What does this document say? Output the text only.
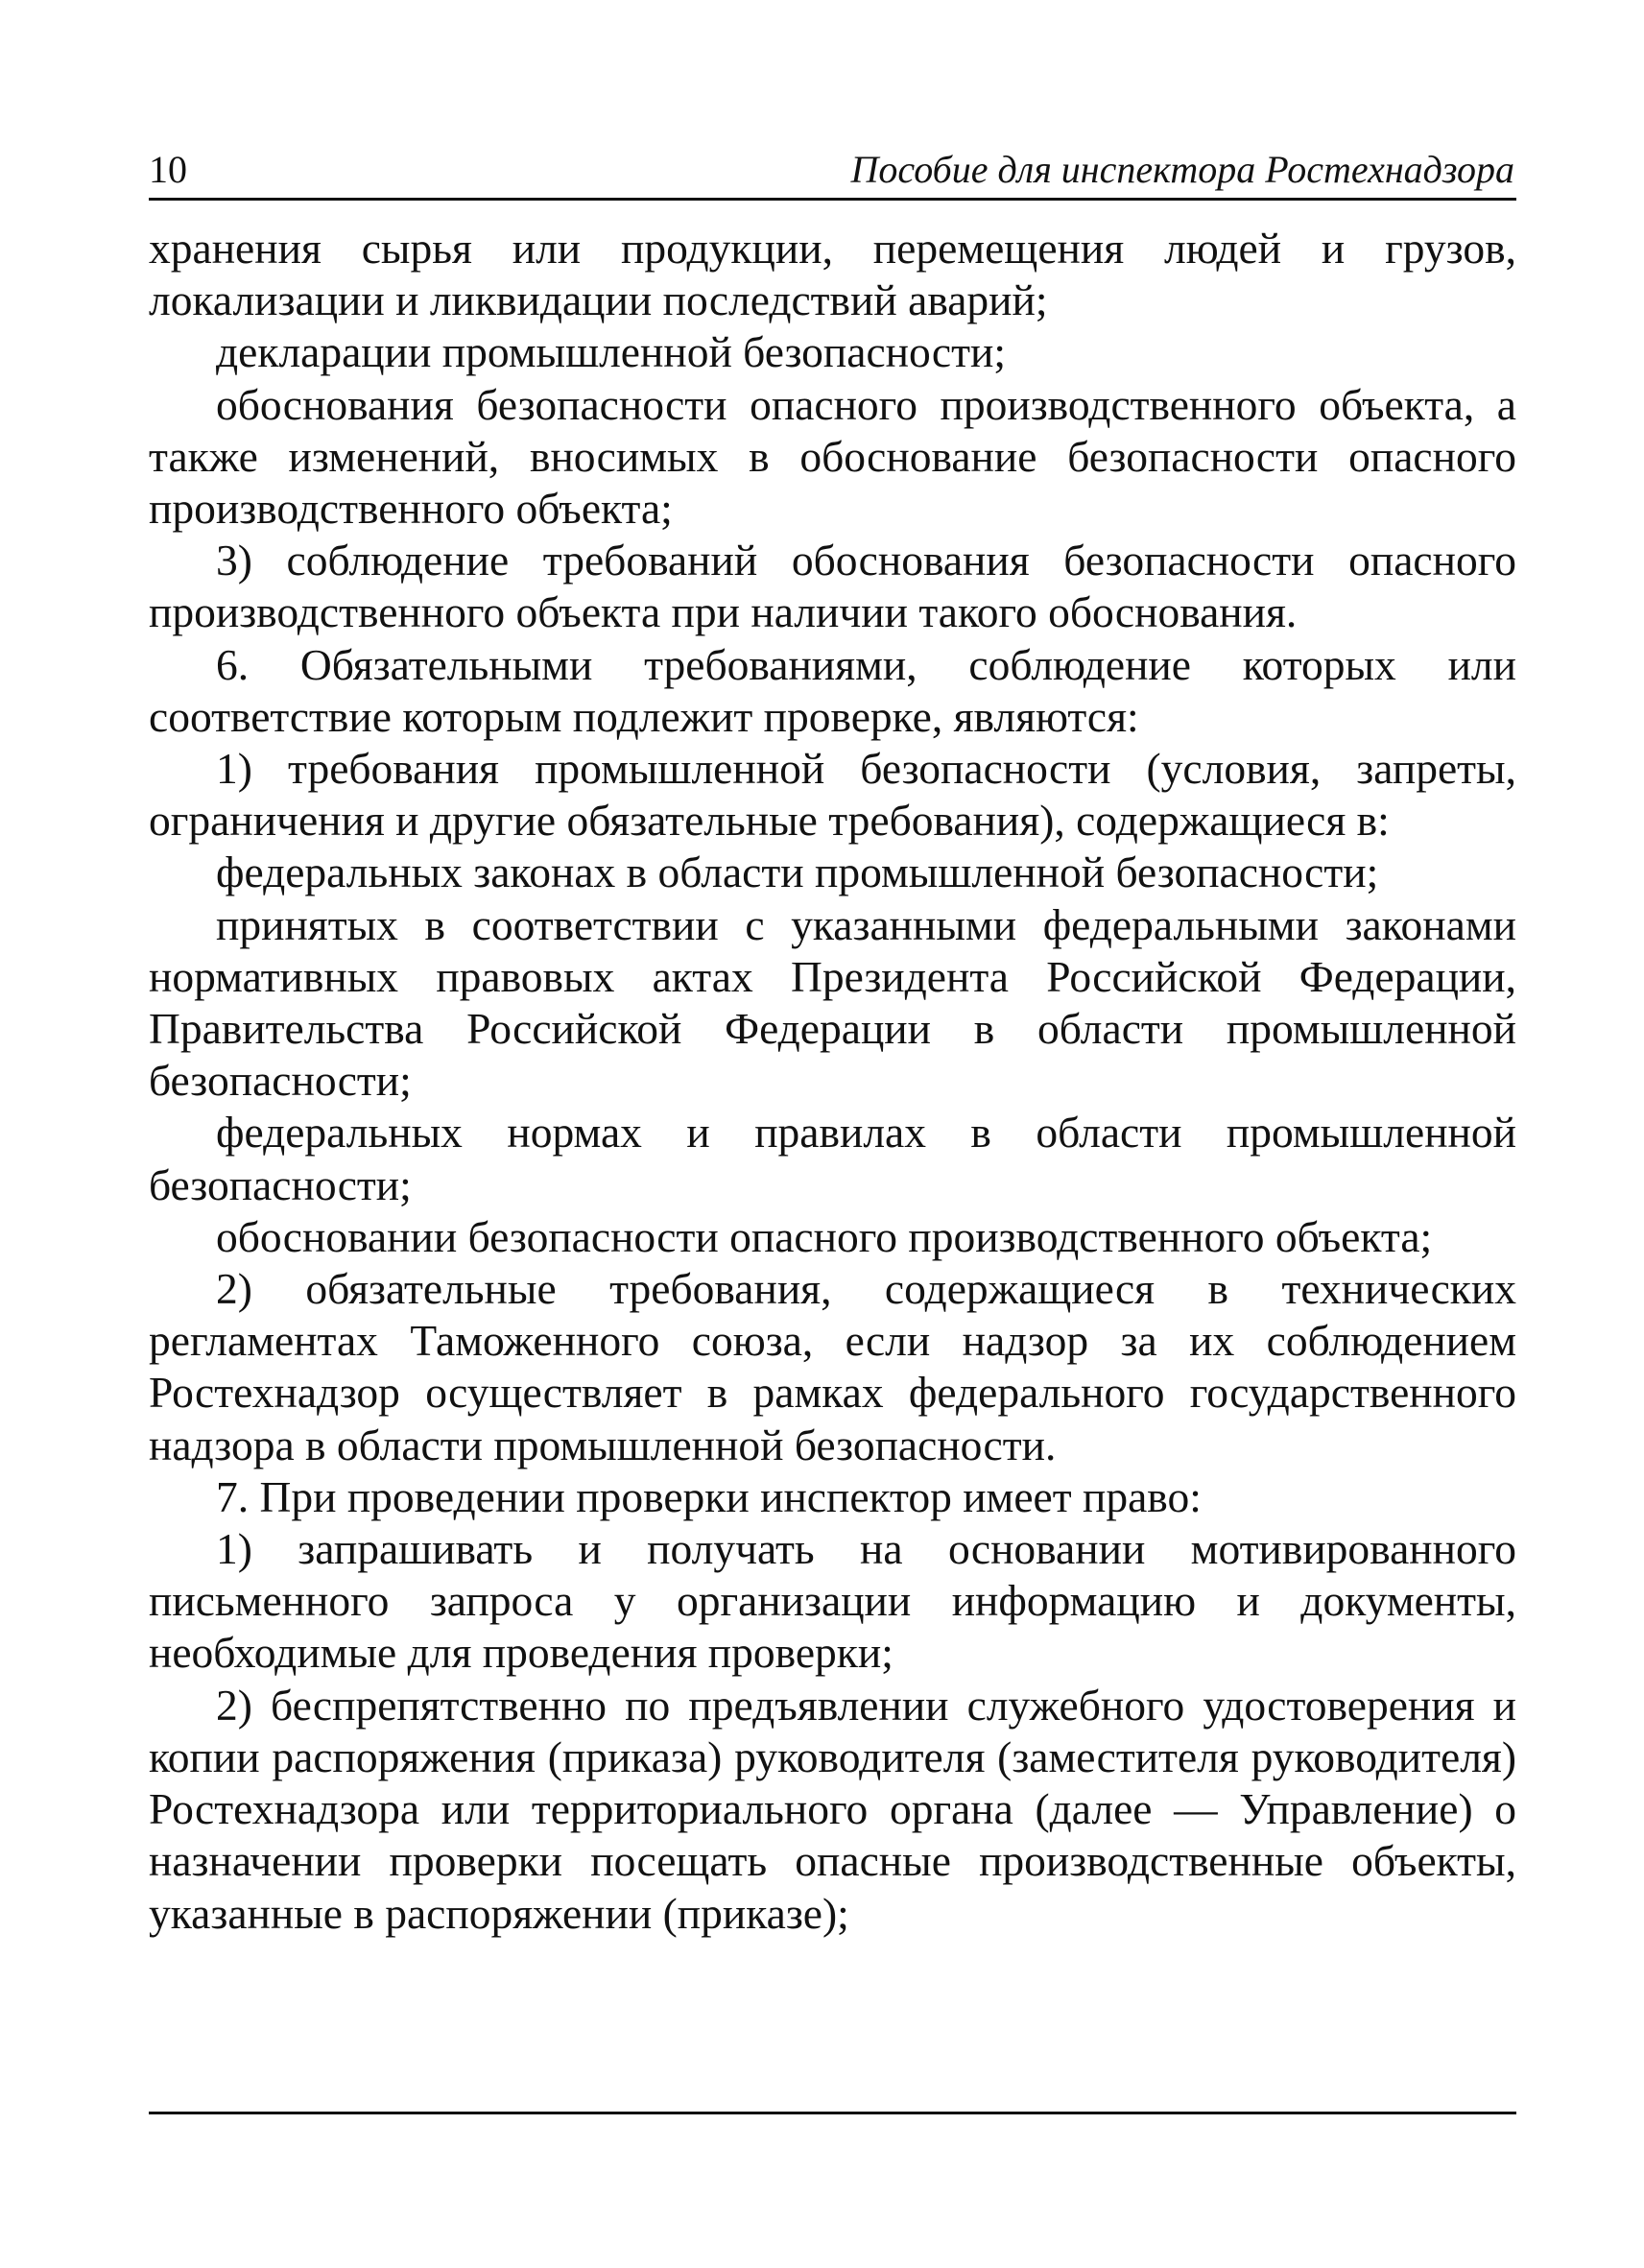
10	Пособие для инспектора Ростехнадзора

хранения сырья или продукции, перемещения людей и грузов, локализации и ликвидации последствий аварий;

декларации промышленной безопасности;

обоснования безопасности опасного производственного объекта, а также изменений, вносимых в обоснование безопасности опасного производственного объекта;

3) соблюдение требований обоснования безопасности опасного производственного объекта при наличии такого обоснования.

6. Обязательными требованиями, соблюдение которых или соответствие которым подлежит проверке, являются:

1) требования промышленной безопасности (условия, запреты, ограничения и другие обязательные требования), содержащиеся в:

федеральных законах в области промышленной безопасности;

принятых в соответствии с указанными федеральными законами нормативных правовых актах Президента Российской Федерации, Правительства Российской Федерации в области промышленной безопасности;

федеральных нормах и правилах в области промышленной безопасности;

обосновании безопасности опасного производственного объекта;

2) обязательные требования, содержащиеся в технических регламентах Таможенного союза, если надзор за их соблюдением Ростехнадзор осуществляет в рамках федерального государственного надзора в области промышленной безопасности.

7. При проведении проверки инспектор имеет право:

1) запрашивать и получать на основании мотивированного письменного запроса у организации информацию и документы, необходимые для проведения проверки;

2) беспрепятственно по предъявлении служебного удостоверения и копии распоряжения (приказа) руководителя (заместителя руководителя) Ростехнадзора или территориального органа (далее — Управление) о назначении проверки посещать опасные производственные объекты, указанные в распоряжении (приказе);
